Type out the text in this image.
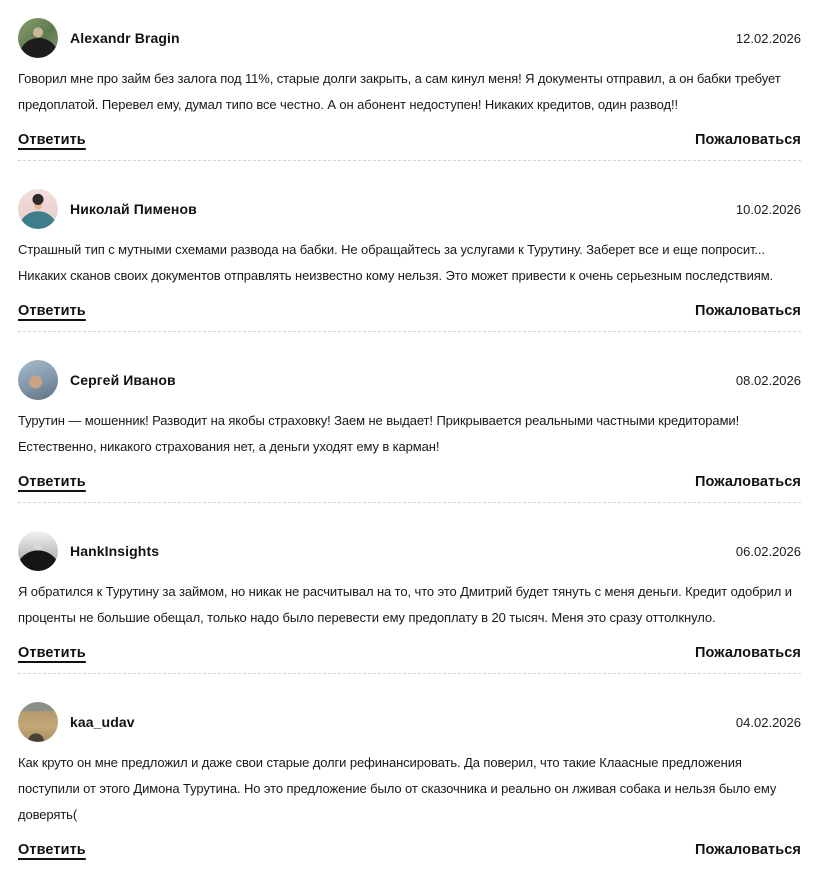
Alexandr Bragin	12.02.2026

Говорил мне про займ без залога под 11%, старые долги закрыть, а сам кинул меня! Я документы отправил, а он бабки требует предоплатой. Перевел ему, думал типо все честно. А он абонент недоступен! Никаких кредитов, один развод!!

Ответить	Пожаловаться
Николай Пименов	10.02.2026

Страшный тип с мутными схемами развода на бабки. Не обращайтесь за услугами к Турутину. Заберет все и еще попросит... Никаких сканов своих документов отправлять неизвестно кому нельзя. Это может привести к очень серьезным последствиям.

Ответить	Пожаловаться
Сергей Иванов	08.02.2026

Турутин — мошенник! Разводит на якобы страховку! Заем не выдает! Прикрывается реальными частными кредиторами! Естественно, никакого страхования нет, а деньги уходят ему в карман!

Ответить	Пожаловаться
HankInsights	06.02.2026

Я обратился к Турутину за займом, но никак не расчитывал на то, что это Дмитрий будет тянуть с меня деньги. Кредит одобрил и проценты не большие обещал, только надо было перевести ему предоплату в 20 тысяч. Меня это сразу оттолкнуло.

Ответить	Пожаловаться
kaa_udav	04.02.2026

Как круто он мне предложил и даже свои старые долги рефинансировать. Да поверил, что такие Клаасные предложения поступили от этого Димона Турутина. Но это предложение было от сказочника и реально он лживая собака и нельзя было ему доверять(

Ответить	Пожаловаться
